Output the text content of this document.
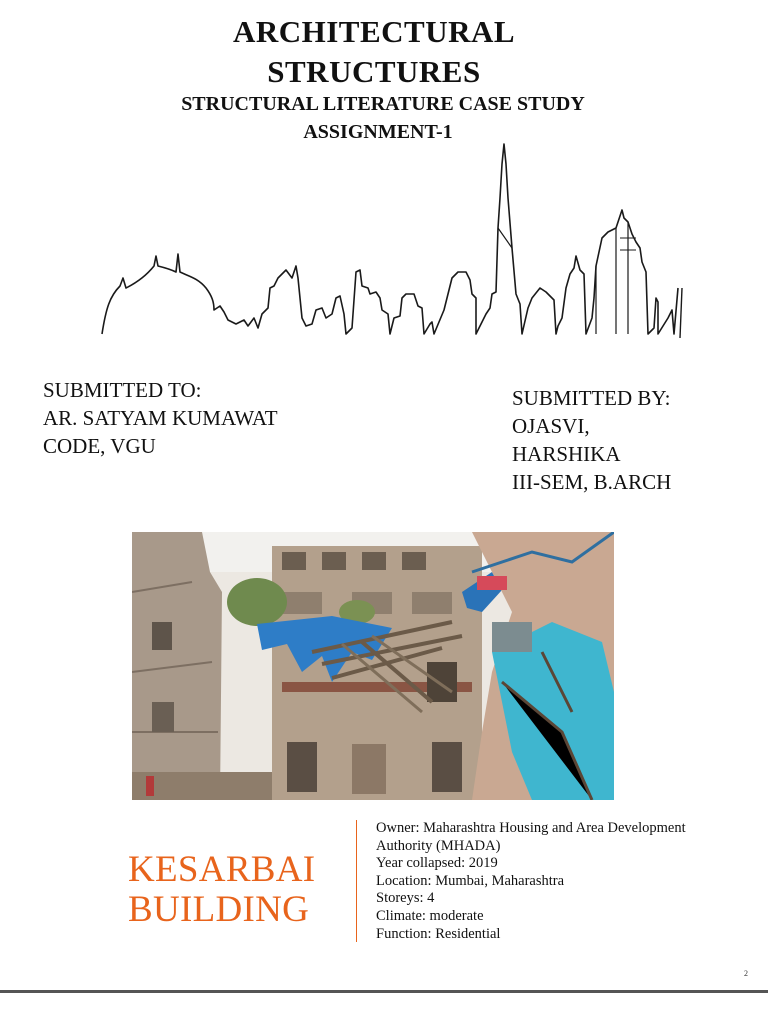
ARCHITECTURAL
STRUCTURES
STRUCTURAL LITERATURE CASE STUDY
ASSIGNMENT-1
SUBMITTED TO:
AR. SATYAM KUMAWAT
CODE, VGU
SUBMITTED BY:
OJASVI,
HARSHIKA
III-SEM, B.ARCH
KESARBAI
BUILDING
Owner: Maharashtra Housing and Area Development
Authority (MHADA)
Year collapsed: 2019
Location: Mumbai, Maharashtra
Storeys: 4
Climate: moderate
Function: Residential
2
